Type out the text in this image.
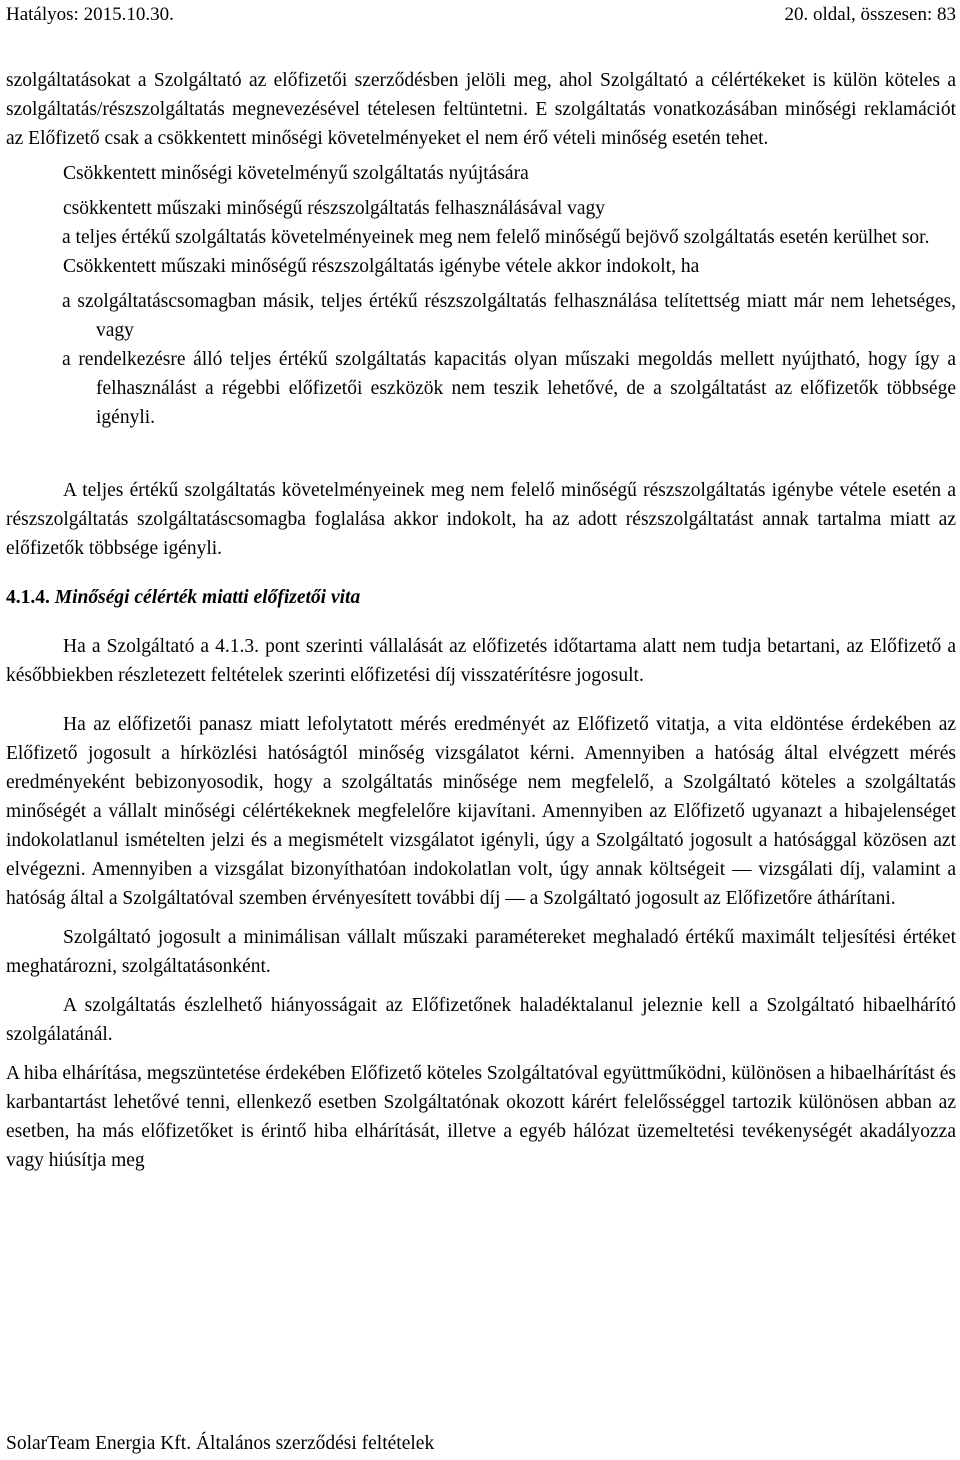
Hatályos: 2015.10.30.	20. oldal, összesen: 83

szolgáltatásokat a Szolgáltató az előfizetői szerződésben jelöli meg, ahol Szolgáltató a célértékeket is külön köteles a szolgáltatás/részszolgáltatás megnevezésével tételesen feltüntetni. E szolgáltatás vonatkozásában minőségi reklamációt az Előfizető csak a csökkentett minőségi követelményeket el nem érő vételi minőség esetén tehet.

Csökkentett minőségi követelményű szolgáltatás nyújtására

csökkentett műszaki minőségű részszolgáltatás felhasználásával vagy

a teljes értékű szolgáltatás követelményeinek meg nem felelő minőségű bejövő szolgáltatás esetén kerülhet sor.

Csökkentett műszaki minőségű részszolgáltatás igénybe vétele akkor indokolt, ha

a szolgáltatáscsomagban másik, teljes értékű részszolgáltatás felhasználása telítettség miatt már nem lehetséges, vagy

a rendelkezésre álló teljes értékű szolgáltatás kapacitás olyan műszaki megoldás mellett nyújtható, hogy így a felhasználást a régebbi előfizetői eszközök nem teszik lehetővé, de a szolgáltatást az előfizetők többsége igényli.

A teljes értékű szolgáltatás követelményeinek meg nem felelő minőségű részszolgáltatás igénybe vétele esetén a részszolgáltatás szolgáltatáscsomagba foglalása akkor indokolt, ha az adott részszolgáltatást annak tartalma miatt az előfizetők többsége igényli.

4.1.4. Minőségi célérték miatti előfizetői vita

Ha a Szolgáltató a 4.1.3. pont szerinti vállalását az előfizetés időtartama alatt nem tudja betartani, az Előfizető a későbbiekben részletezett feltételek szerinti előfizetési díj visszatérítésre jogosult.

Ha az előfizetői panasz miatt lefolytatott mérés eredményét az Előfizető vitatja, a vita eldöntése érdekében az Előfizető jogosult a hírközlési hatóságtól minőség vizsgálatot kérni. Amennyiben a hatóság által elvégzett mérés eredményeként bebizonyosodik, hogy a szolgáltatás minősége nem megfelelő, a Szolgáltató köteles a szolgáltatás minőségét a vállalt minőségi célértékeknek megfelelőre kijavítani. Amennyiben az Előfizető ugyanazt a hibajelenséget indokolatlanul ismételten jelzi és a megismételt vizsgálatot igényli, úgy a Szolgáltató jogosult a hatósággal közösen azt elvégezni. Amennyiben a vizsgálat bizonyíthatóan indokolatlan volt, úgy annak költségeit ― vizsgálati díj, valamint a hatóság által a Szolgáltatóval szemben érvényesített további díj ― a Szolgáltató jogosult az Előfizetőre áthárítani.

Szolgáltató jogosult a minimálisan vállalt műszaki paramétereket meghaladó értékű maximált teljesítési értéket meghatározni, szolgáltatásonként.

A szolgáltatás észlelhető hiányosságait az Előfizetőnek haladéktalanul jeleznie kell a Szolgáltató hibaelhárító szolgálatánál.

A hiba elhárítása, megszüntetése érdekében Előfizető köteles Szolgáltatóval együttműködni, különösen a hibaelhárítást és karbantartást lehetővé tenni, ellenkező esetben Szolgáltatónak okozott kárért felelősséggel tartozik különösen abban az esetben, ha más előfizetőket is érintő hiba elhárítását, illetve a egyéb hálózat üzemeltetési tevékenységét akadályozza vagy hiúsítja meg

SolarTeam Energia Kft. Általános szerződési feltételek
